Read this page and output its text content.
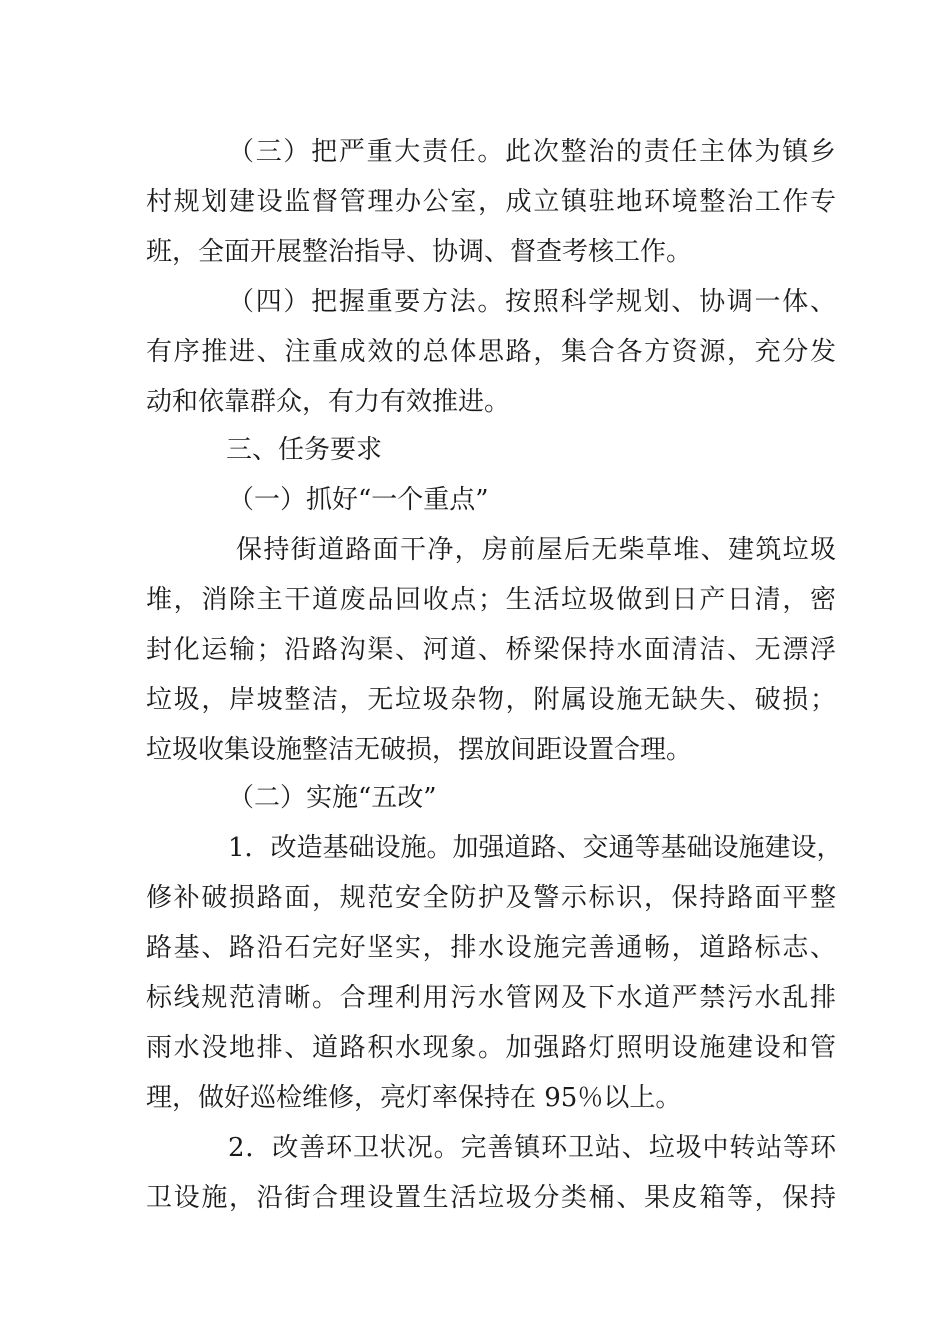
（三）把严重大责任。此次整治的责任主体为镇乡
村规划建设监督管理办公室，成立镇驻地环境整治工作专
班，全面开展整治指导、协调、督查考核工作。
（四）把握重要方法。按照科学规划、协调一体、
有序推进、注重成效的总体思路，集合各方资源，充分发
动和依靠群众，有力有效推进。
三、任务要求
（一）抓好“一个重点”
保持街道路面干净，房前屋后无柴草堆、建筑垃圾
堆，消除主干道废品回收点；生活垃圾做到日产日清，密
封化运输；沿路沟渠、河道、桥梁保持水面清洁、无漂浮
垃圾，岸坡整洁，无垃圾杂物，附属设施无缺失、破损；
垃圾收集设施整洁无破损，摆放间距设置合理。
（二）实施“五改”
1．改造基础设施。加强道路、交通等基础设施建设，
修补破损路面，规范安全防护及警示标识，保持路面平整
路基、路沿石完好坚实，排水设施完善通畅，道路标志、
标线规范清晰。合理利用污水管网及下水道严禁污水乱排
雨水没地排、道路积水现象。加强路灯照明设施建设和管
理，做好巡检维修，亮灯率保持在 95％以上。
2．改善环卫状况。完善镇环卫站、垃圾中转站等环
卫设施，沿街合理设置生活垃圾分类桶、果皮箱等，保持
